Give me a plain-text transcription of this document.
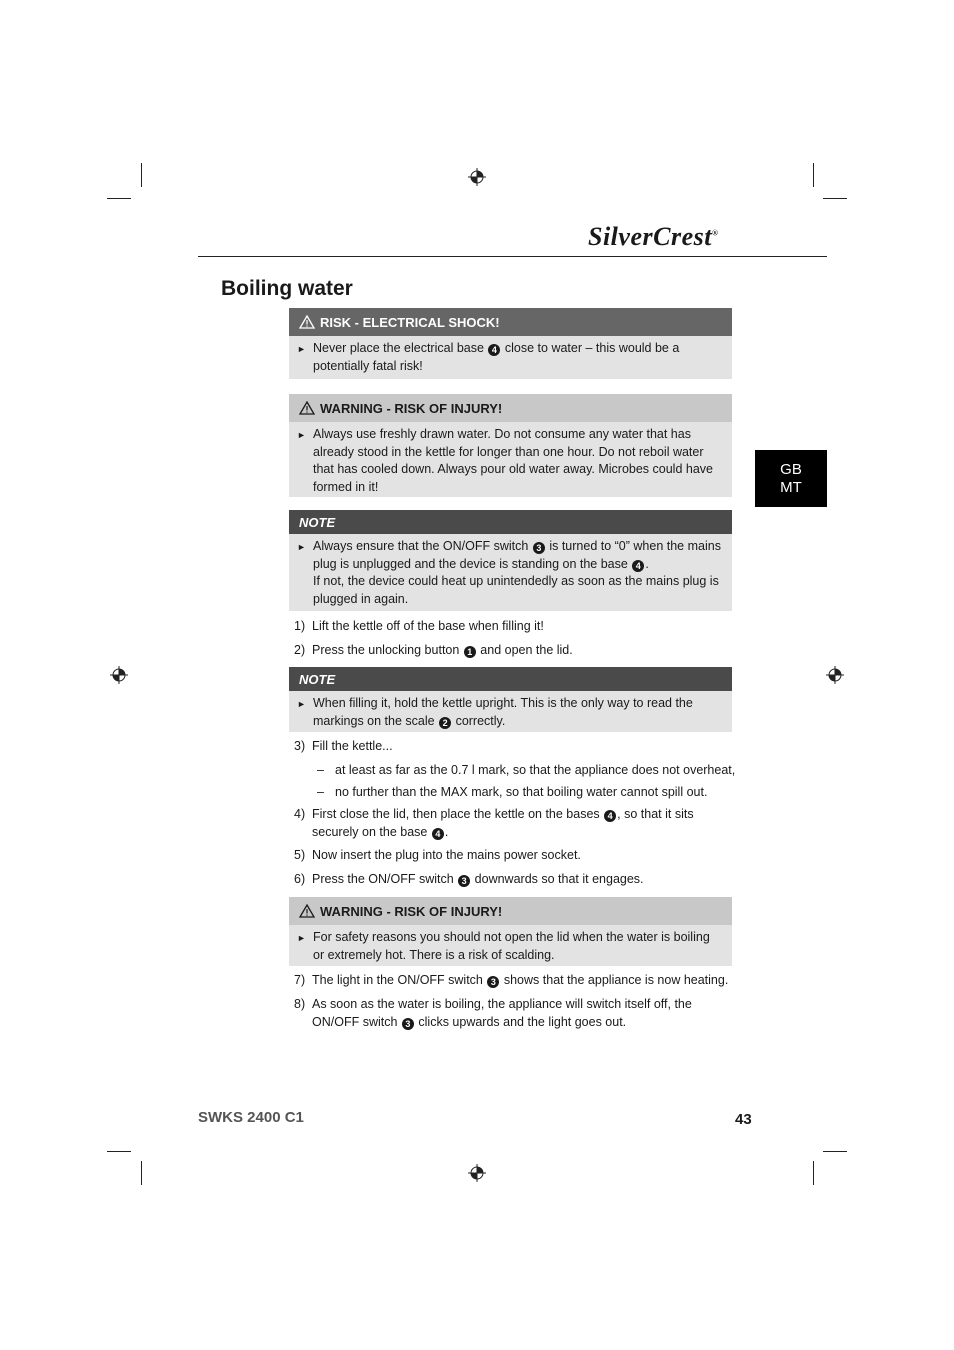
SilverCrest®
Boiling water
GB
MT
RISK - ELECTRICAL SHOCK!
► Never place the electrical base 4 close to water – this would be a potentially fatal risk!
WARNING - RISK OF INJURY!
► Always use freshly drawn water. Do not consume any water that has already stood in the kettle for longer than one hour. Do not reboil water that has cooled down. Always pour old water away. Microbes could have formed in it!
NOTE
► Always ensure that the ON/OFF switch 3 is turned to “0” when the mains plug is unplugged and the device is standing on the base 4 .
If not, the device could heat up unintendedly as soon as the mains plug is plugged in again.
1) Lift the kettle off of the base when filling it!
2) Press the unlocking button 1 and open the lid.
NOTE
► When filling it, hold the kettle upright. This is the only way to read the markings on the scale 2 correctly.
3) Fill the kettle...
– at least as far as the 0.7 l mark, so that the appliance does not overheat,
– no further than the MAX mark, so that boiling water cannot spill out.
4) First close the lid, then place the kettle on the bases 4 , so that it sits securely on the base 4 .
5) Now insert the plug into the mains power socket.
6) Press the ON/OFF switch 3 downwards so that it engages.
WARNING - RISK OF INJURY!
► For safety reasons you should not open the lid when the water is boiling or extremely hot. There is a risk of scalding.
7) The light in the ON/OFF switch 3 shows that the appliance is now heating.
8) As soon as the water is boiling, the appliance will switch itself off, the ON/OFF switch 3 clicks upwards and the light goes out.
SWKS 2400 C1	43
